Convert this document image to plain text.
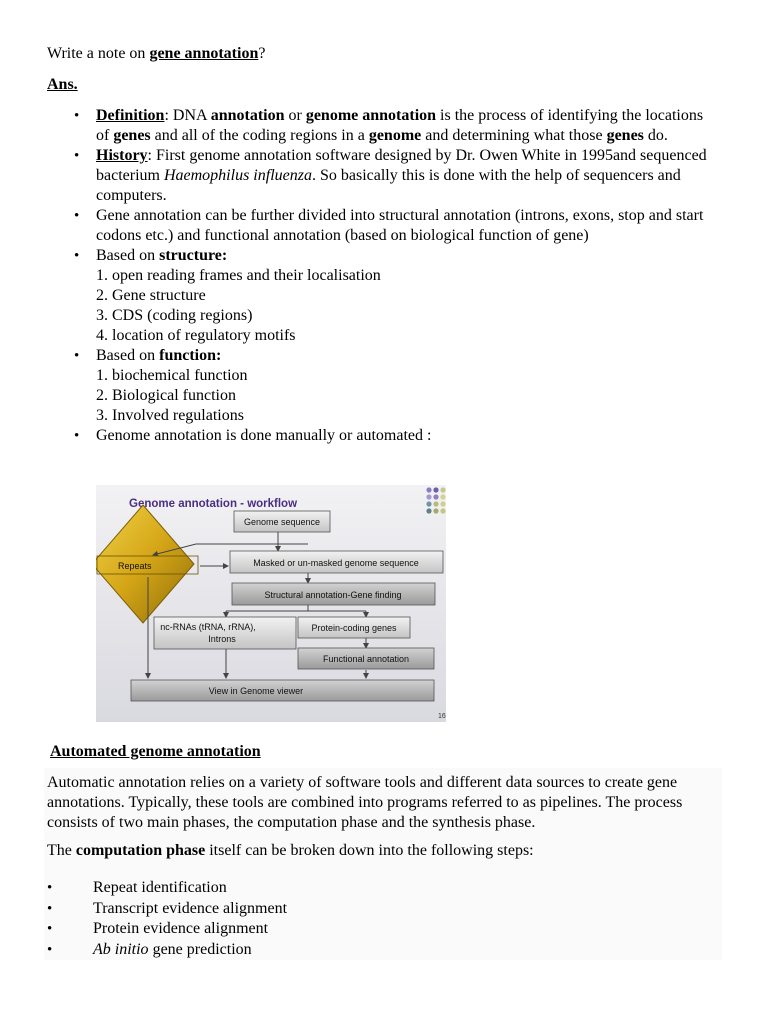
Write a note on gene annotation?
Ans.
• Definition: DNA annotation or genome annotation is the process of identifying the locations of genes and all of the coding regions in a genome and determining what those genes do.
• History: First genome annotation software designed by Dr. Owen White in 1995and sequenced bacterium Haemophilus influenza. So basically this is done with the help of sequencers and computers.
• Gene annotation can be further divided into structural annotation (introns, exons, stop and start codons etc.) and functional annotation (based on biological function of gene)
• Based on structure:
1. open reading frames and their localisation
2. Gene structure
3. CDS (coding regions)
4. location of regulatory motifs
• Based on function:
1. biochemical function
2. Biological function
3. Involved regulations
• Genome annotation is done manually or automated :
Genome annotation - workflow
Genome sequence
Repeats	Masked or un-masked genome sequence
Structural annotation-Gene finding
nc-RNAs (tRNA, rRNA),
Introns
Protein-coding genes
Functional annotation
View in Genome viewer
16
Automated genome annotation
Automatic annotation relies on a variety of software tools and different data sources to create gene annotations. Typically, these tools are combined into programs referred to as pipelines. The process consists of two main phases, the computation phase and the synthesis phase.
The computation phase itself can be broken down into the following steps:
• Repeat identification
• Transcript evidence alignment
• Protein evidence alignment
• Ab initio gene prediction
